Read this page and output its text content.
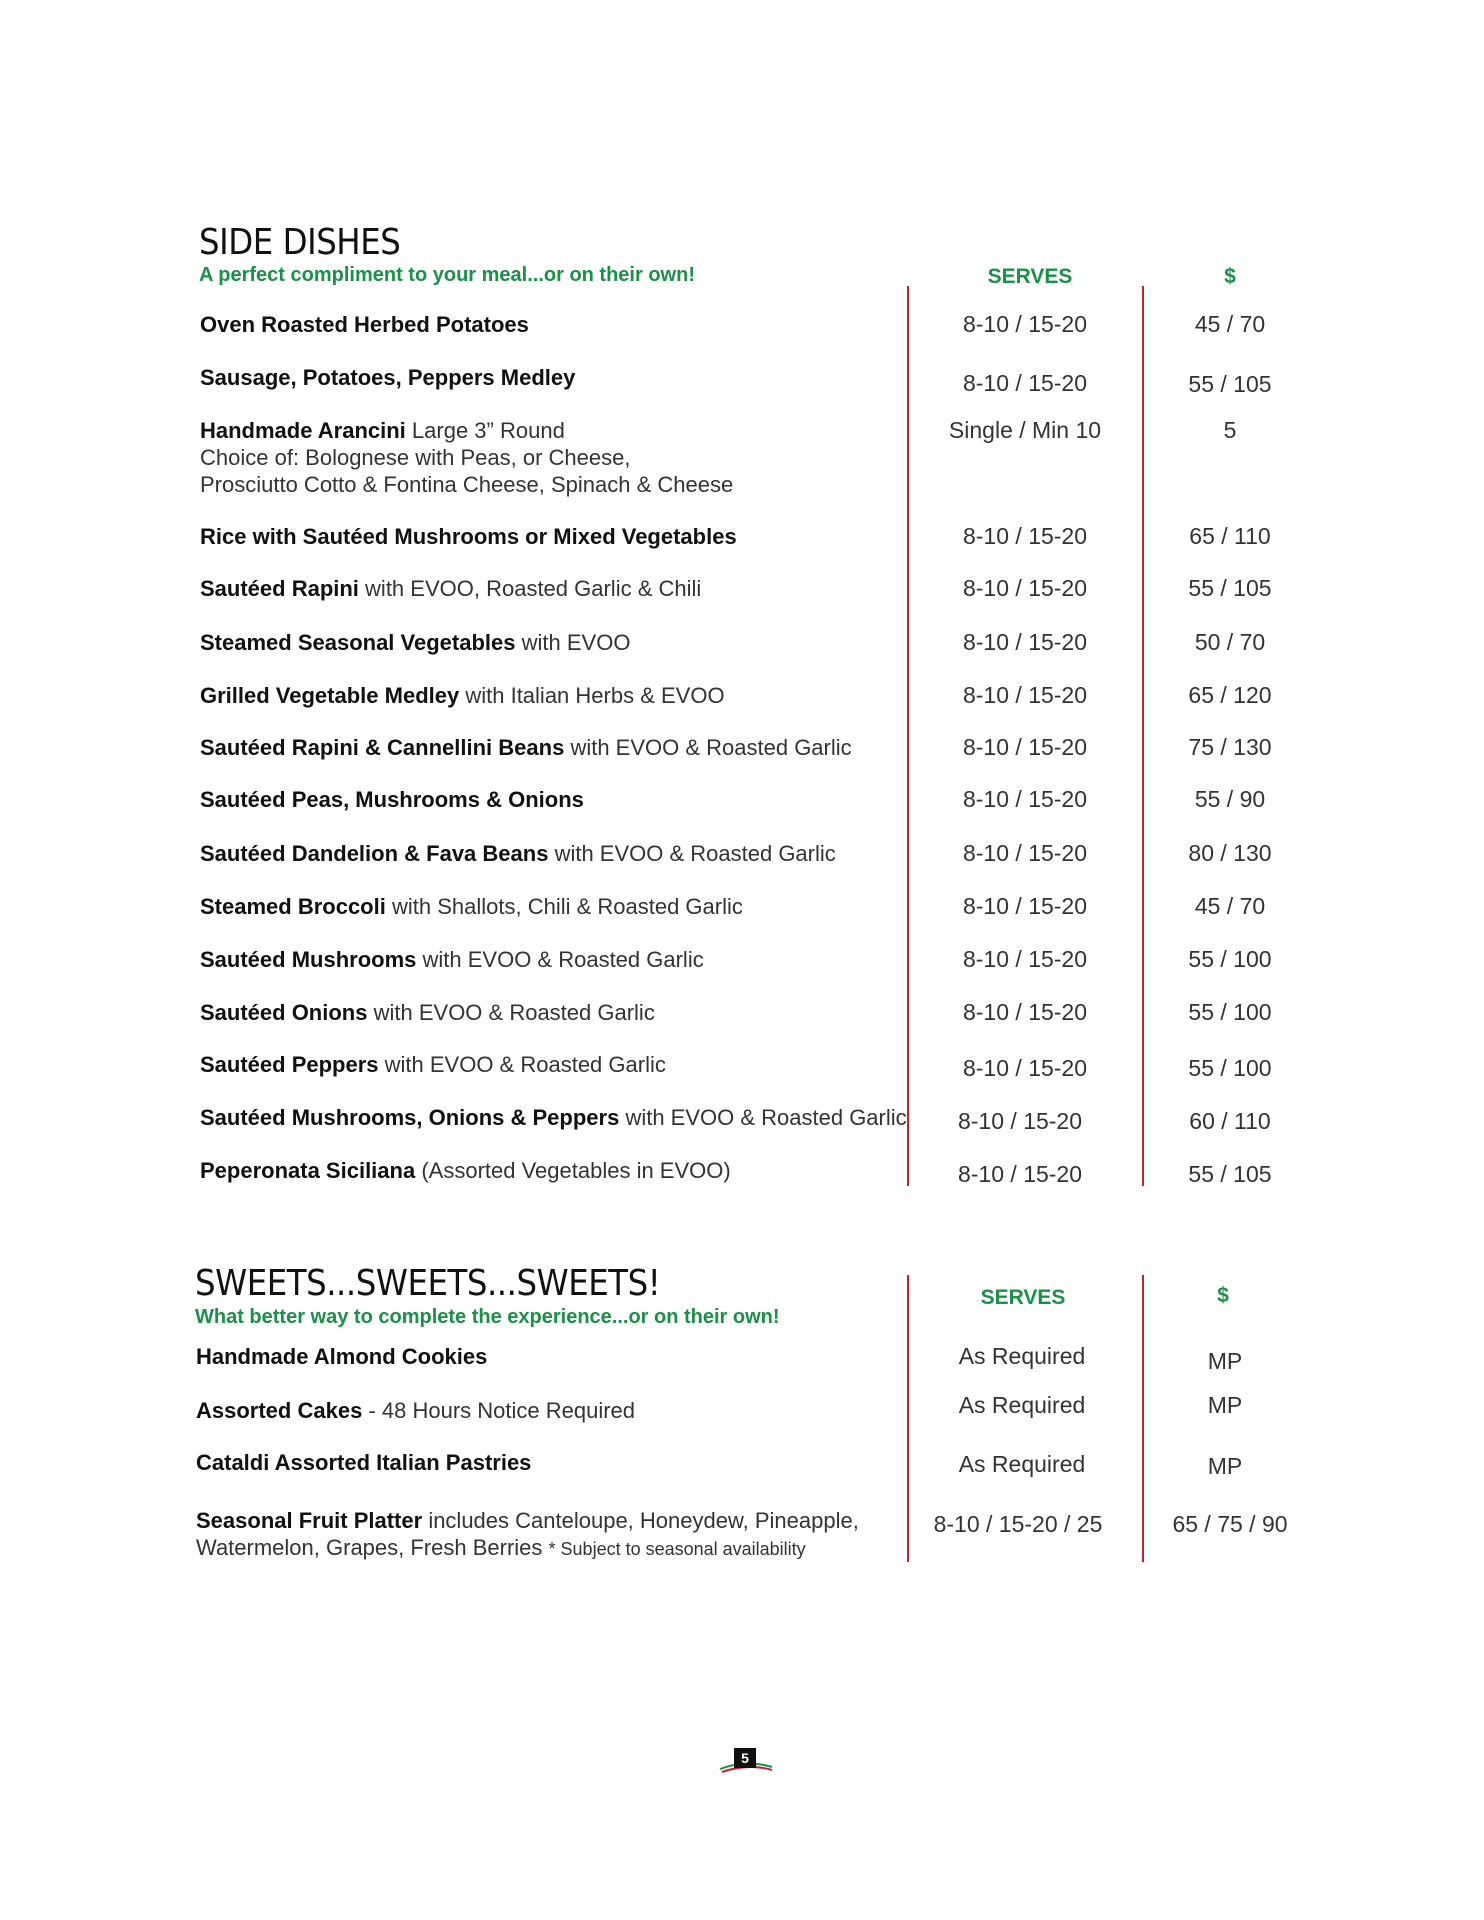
SIDE DISHES
A perfect compliment to your meal...or on their own!	SERVES	$
Oven Roasted Herbed Potatoes	8-10 / 15-20	45 / 70
Sausage, Potatoes, Peppers Medley	8-10 / 15-20	55 / 105
Handmade Arancini Large 3” Round
Choice of: Bolognese with Peas, or Cheese,
Prosciutto Cotto & Fontina Cheese, Spinach & Cheese
Single / Min 10	5
Rice with Sautéed Mushrooms or Mixed Vegetables	8-10 / 15-20	65 / 110
Sautéed Rapini with EVOO, Roasted Garlic & Chili	8-10 / 15-20	55 / 105
Steamed Seasonal Vegetables with EVOO	8-10 / 15-20	50 / 70
Grilled Vegetable Medley with Italian Herbs & EVOO	8-10 / 15-20	65 / 120
Sautéed Rapini & Cannellini Beans with EVOO & Roasted Garlic	8-10 / 15-20	75 / 130
Sautéed Peas, Mushrooms & Onions	8-10 / 15-20	55 / 90
Sautéed Dandelion & Fava Beans with EVOO & Roasted Garlic	8-10 / 15-20	80 / 130
Steamed Broccoli with Shallots, Chili & Roasted Garlic	8-10 / 15-20	45 / 70
Sautéed Mushrooms with EVOO & Roasted Garlic	8-10 / 15-20	55 / 100
Sautéed Onions with EVOO & Roasted Garlic	8-10 / 15-20	55 / 100
Sautéed Peppers with EVOO & Roasted Garlic	8-10 / 15-20	55 / 100
Sautéed Mushrooms, Onions & Peppers with EVOO & Roasted Garlic	8-10 / 15-20	60 / 110
Peperonata Siciliana (Assorted Vegetables in EVOO)	8-10 / 15-20	55 / 105
SWEETS...SWEETS...SWEETS!
What better way to complete the experience...or on their own!
SERVES	$
Handmade Almond Cookies	As Required	MP
Assorted Cakes - 48 Hours Notice Required	As Required	MP
Cataldi Assorted Italian Pastries	As Required	MP
Seasonal Fruit Platter includes Canteloupe, Honeydew, Pineapple,
Watermelon, Grapes, Fresh Berries * Subject to seasonal availability
8-10 / 15-20 / 25	65 / 75 / 90
5
